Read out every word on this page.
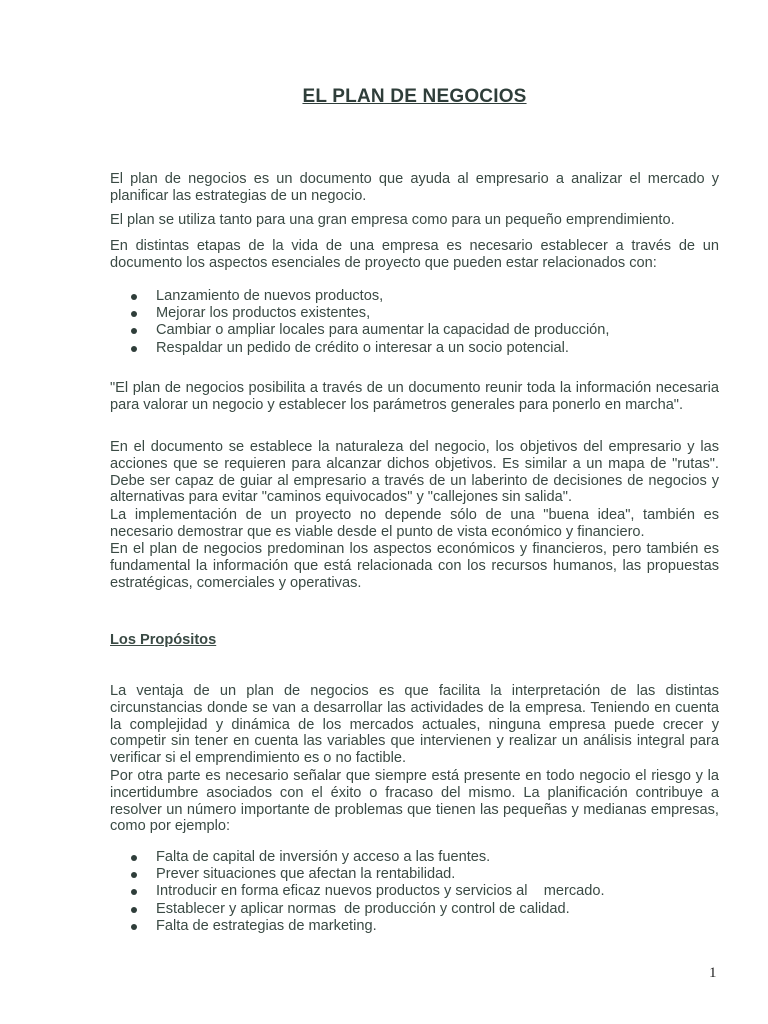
EL PLAN DE NEGOCIOS

El plan de negocios es un documento que ayuda al empresario a analizar el mercado y planificar las estrategias de un negocio.

El plan se utiliza tanto para una gran empresa como para un pequeño emprendimiento.

En distintas etapas de la vida de una empresa es necesario establecer a través de un documento los aspectos esenciales de proyecto que pueden estar relacionados con:

Lanzamiento de nuevos productos,
Mejorar los productos existentes,
Cambiar o ampliar locales para aumentar la capacidad de producción,
Respaldar un pedido de crédito o interesar a un socio potencial.

"El plan de negocios posibilita a través de un documento reunir toda la información necesaria para valorar un negocio y establecer los parámetros generales para ponerlo en marcha".

En el documento se establece la naturaleza del negocio, los objetivos del empresario y las acciones que se requieren para alcanzar dichos objetivos. Es similar a un mapa de "rutas". Debe ser capaz de guiar al empresario a través de un laberinto de decisiones de negocios y alternativas para evitar "caminos equivocados" y "callejones sin salida".

La implementación de un proyecto no depende sólo de una "buena idea", también es necesario demostrar que es viable desde el punto de vista económico y financiero.

En el plan de negocios predominan los aspectos económicos y financieros, pero también es fundamental la información que está relacionada con los recursos humanos, las propuestas estratégicas, comerciales y operativas.

Los Propósitos

La ventaja de un plan de negocios es que facilita la interpretación de las distintas circunstancias donde se van a desarrollar las actividades de la empresa. Teniendo en cuenta la complejidad y dinámica de los mercados actuales, ninguna empresa puede crecer y competir sin tener en cuenta las variables que intervienen y realizar un análisis integral para verificar si el emprendimiento es o no factible.

Por otra parte es necesario señalar que siempre está presente en todo negocio el riesgo y la incertidumbre asociados con el éxito o fracaso del mismo. La planificación contribuye a resolver un número importante de problemas que tienen las pequeñas y medianas empresas, como por ejemplo:

Falta de capital de inversión y acceso a las fuentes.
Prever situaciones que afectan la rentabilidad.
Introducir en forma eficaz nuevos productos y servicios al    mercado.
Establecer y aplicar normas  de producción y control de calidad.
Falta de estrategias de marketing.
1
